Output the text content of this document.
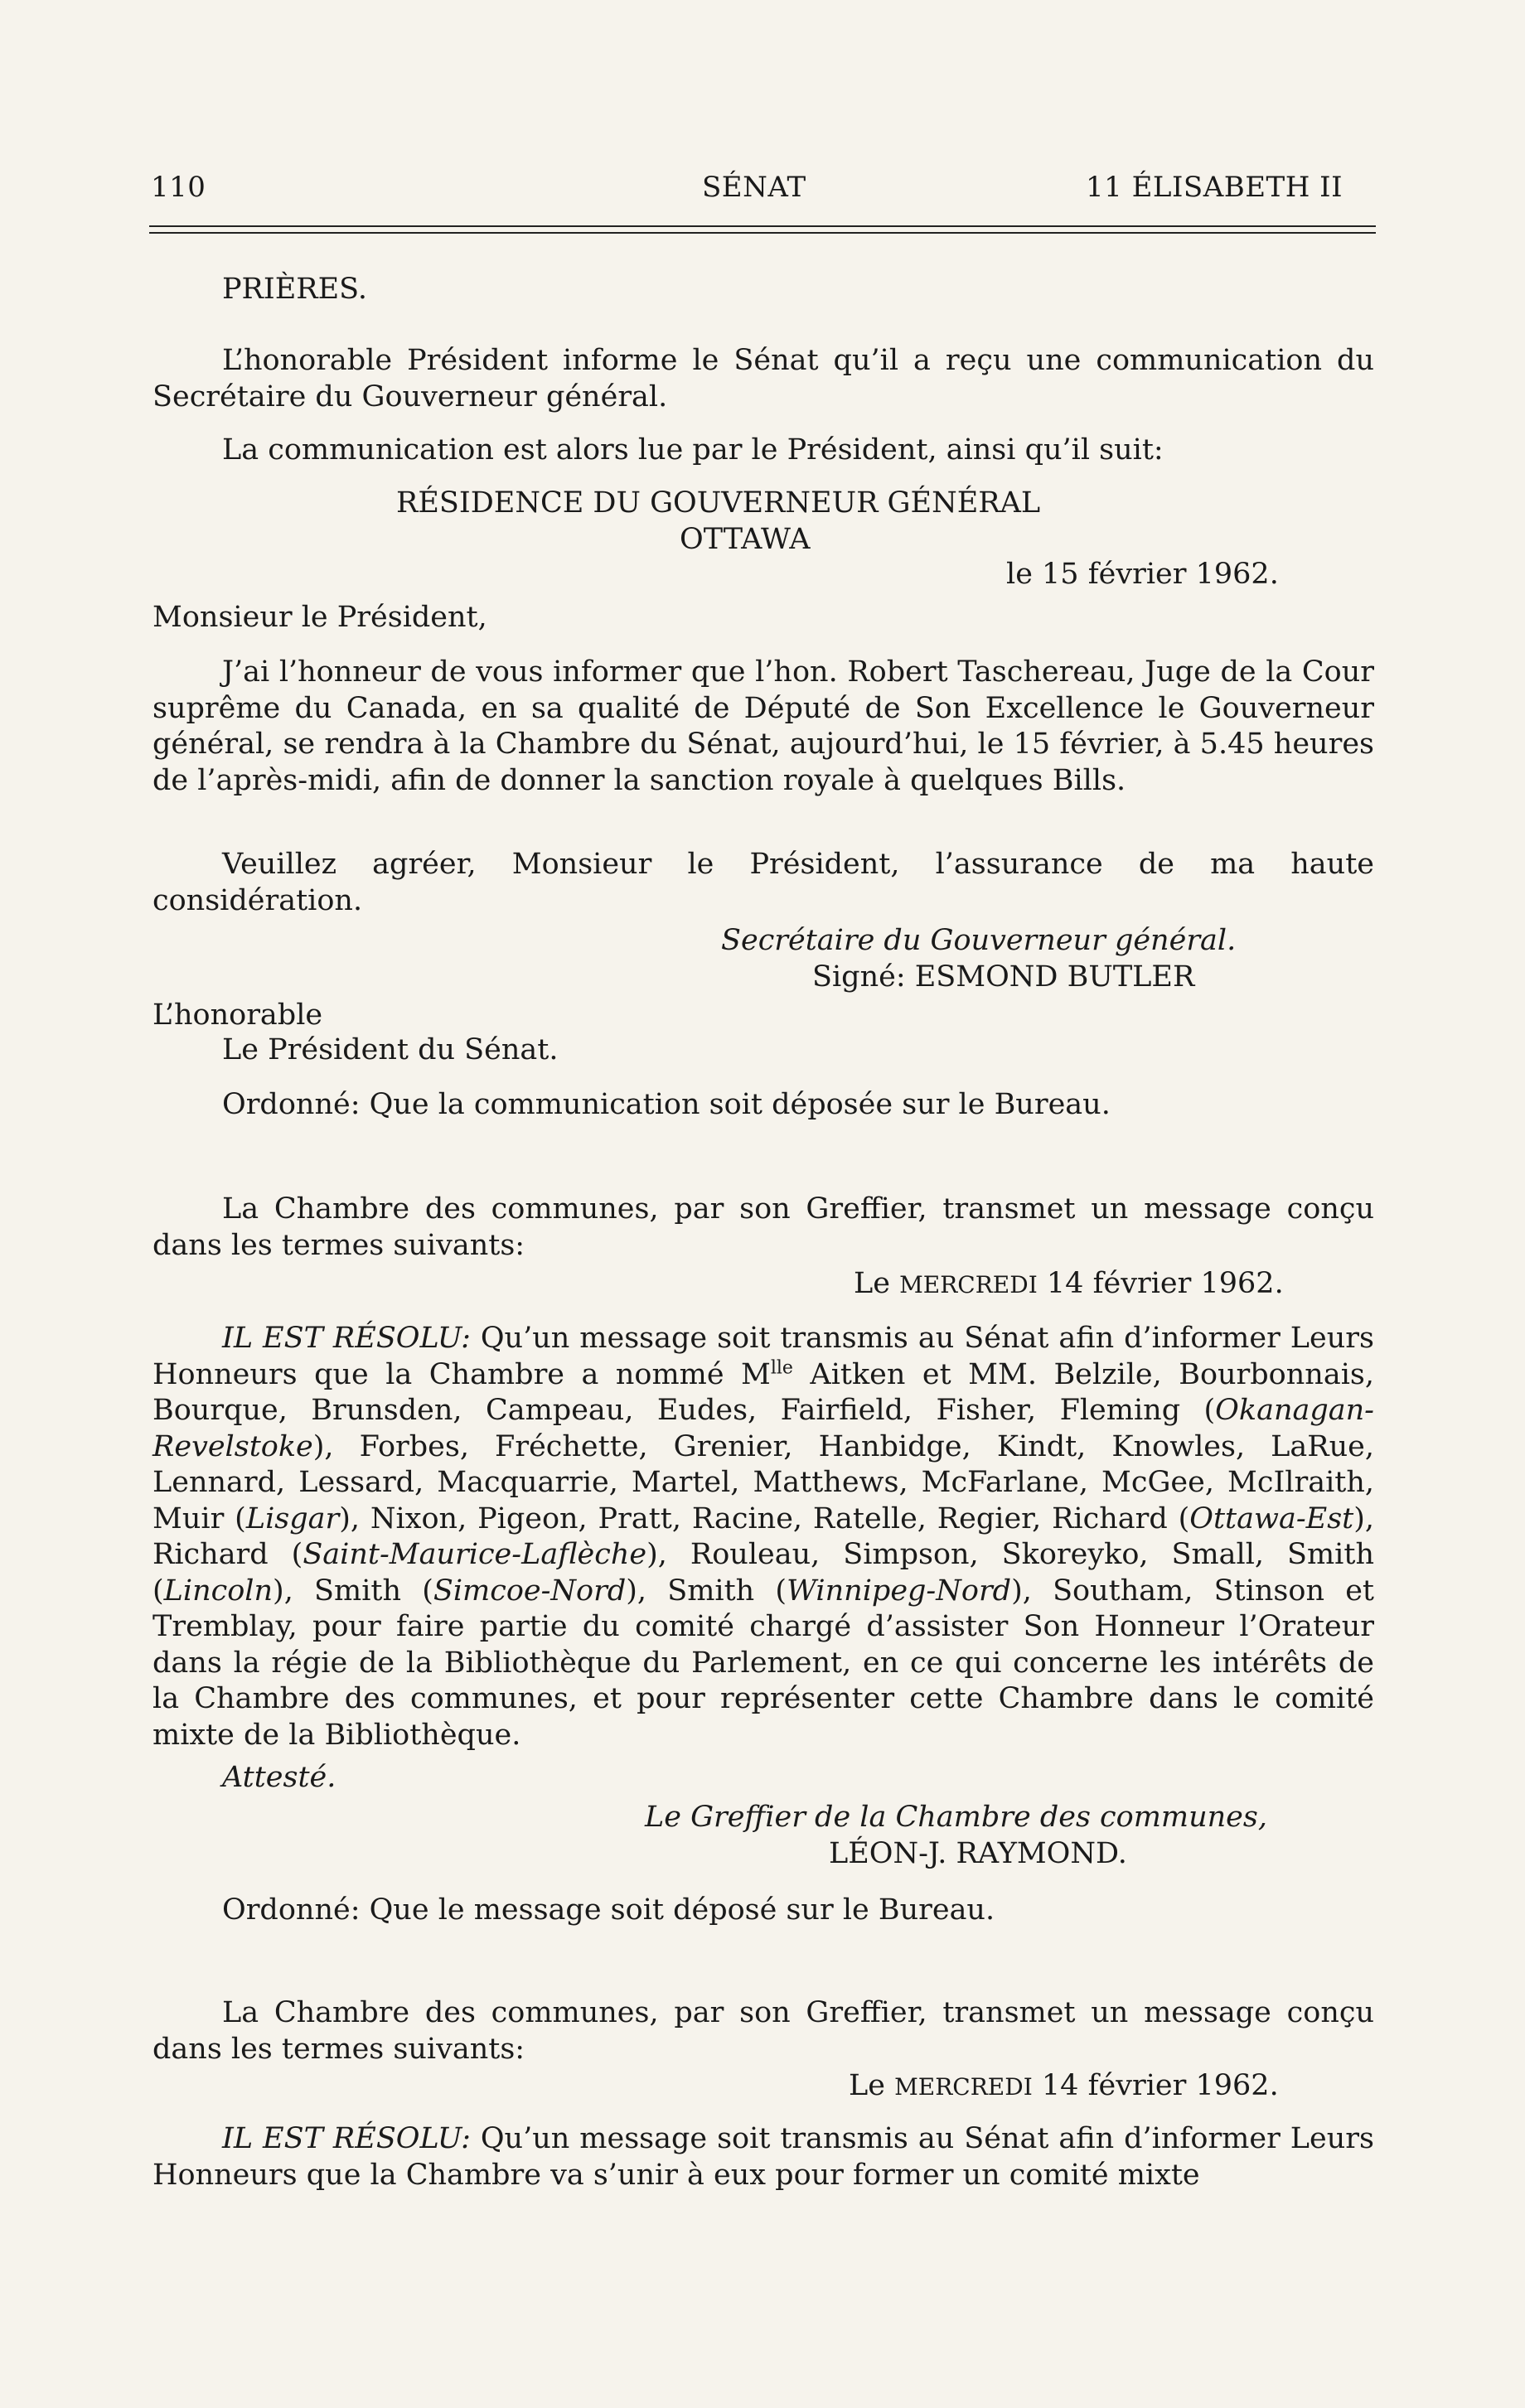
110	SÉNAT	11 ÉLISABETH II
PRIÈRES.
L’honorable Président informe le Sénat qu’il a reçu une communication du Secrétaire du Gouverneur général.
La communication est alors lue par le Président, ainsi qu’il suit:
RÉSIDENCE DU GOUVERNEUR GÉNÉRAL
OTTAWA
le 15 février 1962.
Monsieur le Président,
J’ai l’honneur de vous informer que l’hon. Robert Taschereau, Juge de la Cour suprême du Canada, en sa qualité de Député de Son Excellence le Gouverneur général, se rendra à la Chambre du Sénat, aujourd’hui, le 15 février, à 5.45 heures de l’après-midi, afin de donner la sanction royale à quelques Bills.
Veuillez agréer, Monsieur le Président, l’assurance de ma haute considération.
Secrétaire du Gouverneur général.
Signé: ESMOND BUTLER
L’honorable
Le Président du Sénat.
Ordonné: Que la communication soit déposée sur le Bureau.
La Chambre des communes, par son Greffier, transmet un message conçu dans les termes suivants:
Le MERCREDI 14 février 1962.
IL EST RÉSOLU: Qu’un message soit transmis au Sénat afin d’informer Leurs Honneurs que la Chambre a nommé $M^{lle}$ Aitken et MM. Belzile, Bourbonnais, Bourque, Brunsden, Campeau, Eudes, Fairfield, Fisher, Fleming (Okanagan-Revelstoke), Forbes, Fréchette, Grenier, Hanbidge, Kindt, Knowles, LaRue, Lennard, Lessard, Macquarrie, Martel, Matthews, McFarlane, McGee, McIlraith, Muir (Lisgar), Nixon, Pigeon, Pratt, Racine, Ratelle, Regier, Richard (Ottawa-Est), Richard (Saint-Maurice-Laflèche), Rouleau, Simpson, Skoreyko, Small, Smith (Lincoln), Smith (Simcoe-Nord), Smith (Winnipeg-Nord), Southam, Stinson et Tremblay, pour faire partie du comité chargé d’assister Son Honneur l’Orateur dans la régie de la Bibliothèque du Parlement, en ce qui concerne les intérêts de la Chambre des communes, et pour représenter cette Chambre dans le comité mixte de la Bibliothèque.
Attesté.
Le Greffier de la Chambre des communes,
LÉON-J. RAYMOND.
Ordonné: Que le message soit déposé sur le Bureau.
La Chambre des communes, par son Greffier, transmet un message conçu dans les termes suivants:
Le MERCREDI 14 février 1962.
IL EST RÉSOLU: Qu’un message soit transmis au Sénat afin d’informer Leurs Honneurs que la Chambre va s’unir à eux pour former un comité mixte
